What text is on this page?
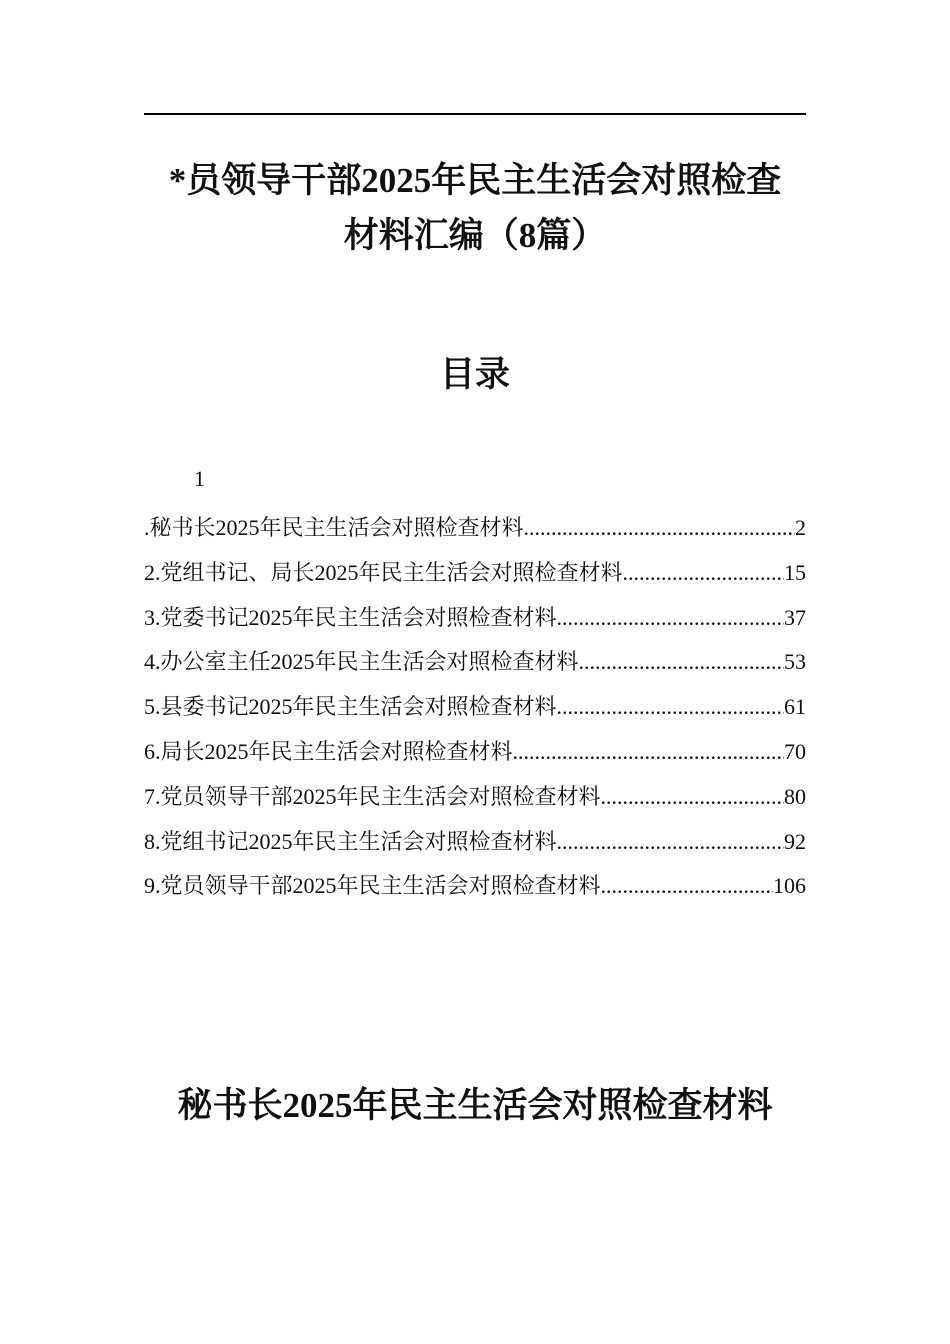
*员领导干部2025年民主生活会对照检查
材料汇编（8篇）
目录
1
.秘书长2025年民主生活会对照检查材料 .....	2
2.党组书记、局长2025年民主生活会对照检查材料 .....	15
3.党委书记2025年民主生活会对照检查材料 .....	37
4.办公室主任2025年民主生活会对照检查材料 .....	53
5.县委书记2025年民主生活会对照检查材料 .....	61
6.局长2025年民主生活会对照检查材料 .....	70
7.党员领导干部2025年民主生活会对照检查材料 .....	80
8.党组书记2025年民主生活会对照检查材料 .....	92
9.党员领导干部2025年民主生活会对照检查材料 .....	106
秘书长2025年民主生活会对照检查材料
